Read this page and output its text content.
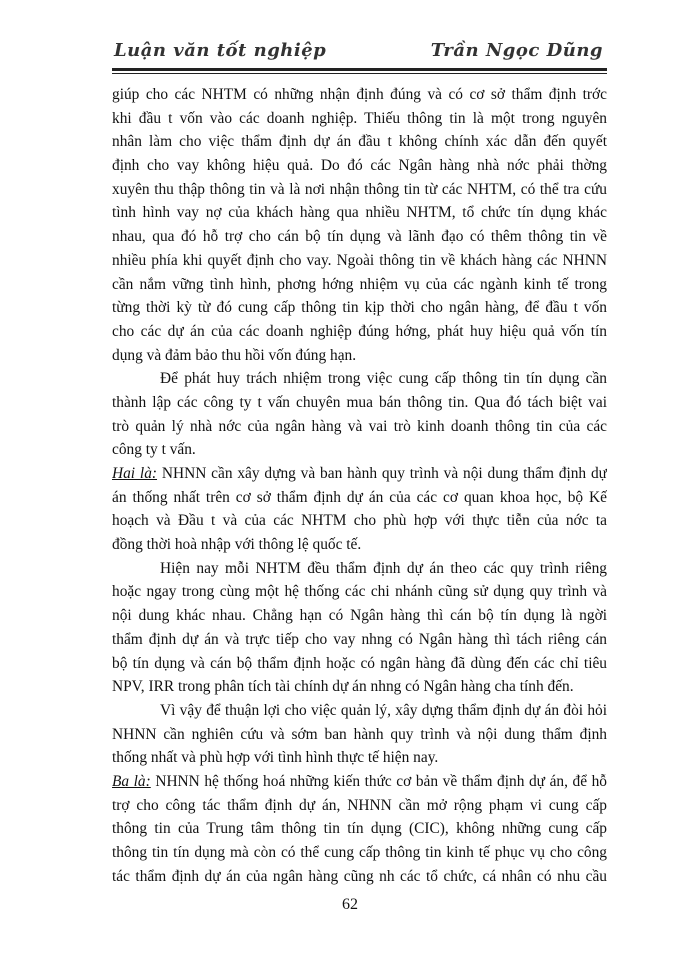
Luận văn tốt nghiệp	Trần Ngọc Dũng
giúp cho các NHTM có những nhận định đúng và có cơ sở thẩm định trớc
khi đầu t vốn vào các doanh nghiệp. Thiếu thông tin là một trong nguyên
nhân làm cho việc thẩm định dự án đầu t không chính xác dẫn đến quyết
định cho vay không hiệu quả. Do đó các Ngân hàng nhà nớc phải thờng
xuyên thu thập thông tin và là nơi nhận thông tin từ các NHTM, có thể tra cứu
tình hình vay nợ của khách hàng qua nhiều NHTM, tổ chức tín dụng khác
nhau, qua đó hỗ trợ cho cán bộ tín dụng và lãnh đạo có thêm thông tin về
nhiều phía khi quyết định cho vay. Ngoài thông tin về khách hàng các NHNN
cần nắm vững tình hình, phơng hớng nhiệm vụ của các ngành kinh tế trong
từng thời kỳ từ đó cung cấp thông tin kịp thời cho ngân hàng, để đầu t vốn
cho các dự án của các doanh nghiệp đúng hớng, phát huy hiệu quả vốn tín
dụng và đảm bảo thu hồi vốn đúng hạn.
Để phát huy trách nhiệm trong việc cung cấp thông tin tín dụng cần
thành lập các công ty t vấn chuyên mua bán thông tin. Qua đó tách biệt vai
trò quản lý nhà nớc của ngân hàng và vai trò kinh doanh thông tin của các
công ty t vấn.
Hai là: NHNN cần xây dựng và ban hành quy trình và nội dung thẩm định dự
án thống nhất trên cơ sở thẩm định dự án của các cơ quan khoa học, bộ Kế
hoạch và Đầu t và của các NHTM cho phù hợp với thực tiễn của nớc ta
đồng thời hoà nhập với thông lệ quốc tế.
Hiện nay mỗi NHTM đều thẩm định dự án theo các quy trình riêng
hoặc ngay trong cùng một hệ thống các chi nhánh cũng sử dụng quy trình và
nội dung khác nhau. Chẳng hạn có Ngân hàng thì cán bộ tín dụng là ngời
thẩm định dự án và trực tiếp cho vay nhng có Ngân hàng thì tách riêng cán
bộ tín dụng và cán bộ thẩm định hoặc có ngân hàng đã dùng đến các chỉ tiêu
NPV, IRR trong phân tích tài chính dự án nhng có Ngân hàng cha tính đến.
Vì vậy để thuận lợi cho việc quản lý, xây dựng thẩm định dự án đòi hỏi
NHNN cần nghiên cứu và sớm ban hành quy trình và nội dung thẩm định
thống nhất và phù hợp với tình hình thực tế hiện nay.
Ba là: NHNN hệ thống hoá những kiến thức cơ bản về thẩm định dự án, để hỗ
trợ cho công tác thẩm định dự án, NHNN cần mở rộng phạm vi cung cấp
thông tin của Trung tâm thông tin tín dụng (CIC), không những cung cấp
thông tin tín dụng mà còn có thể cung cấp thông tin kinh tế phục vụ cho công
tác thẩm định dự án của ngân hàng cũng nh các tổ chức, cá nhân có nhu cầu
62
